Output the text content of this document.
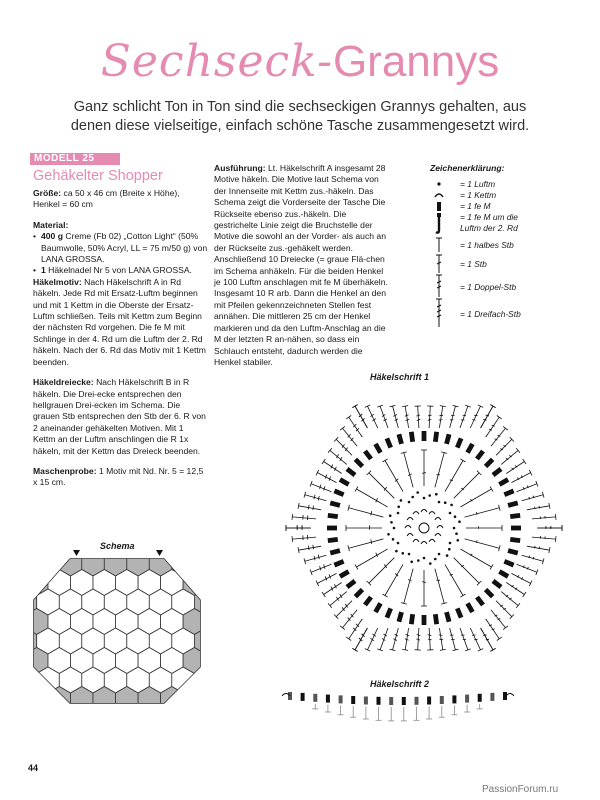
Sechseck-Grannys
Ganz schlicht Ton in Ton sind die sechseckigen Grannys gehalten, aus denen diese vielseitige, einfach schöne Tasche zusammengesetzt wird.
MODELL 25
Gehäkelter Shopper

Größe: ca 50 x 46 cm (Breite x Höhe), Henkel = 60 cm

Material:

• 400 g Creme (Fb 02) „Cotton Light“ (50% Baumwolle, 50% Acryl, LL = 75 m/50 g) von LANA GROSSA.

• 1 Häkelnadel Nr 5 von LANA GROSSA.

Häkelmotiv: Nach Häkelschrift A in Rd häkeln. Jede Rd mit Ersatz-Luftm beginnen und mit 1 Kettm in die Oberste der Ersatz-Luftm schließen. Teils mit Kettm zum Beginn der nächsten Rd vorgehen. Die fe M mit Schlinge in der 4. Rd um die Luftm der 2. Rd häkeln. Nach der 6. Rd das Motiv mit 1 Kettm beenden.

Häkeldreiecke: Nach Häkelschrift B in R häkeln. Die Drei-ecke entsprechen den hellgrauen Drei-ecken im Schema. Die grauen Stb entsprechen den Stb der 6. R von 2 aneinander gehäkelten Motiven. Mit 1 Kettm an der Luftm anschlingen die R 1x häkeln, mit der Kettm das Dreieck beenden.

Maschenprobe: 1 Motiv mit Nd. Nr. 5 = 12,5 x 15 cm.

Ausführung: Lt. Häkelschrift A insgesamt 28 Motive häkeln. Die Motive laut Schema von der Innenseite mit Kettm zus.-häkeln. Das Schema zeigt die Vorderseite der Tasche Die Rückseite ebenso zus.-häkeln. Die gestrichelte Linie zeigt die Bruchstelle der Motive die sowohl an der Vorder- als auch an der Rückseite zus.-gehäkelt werden. Anschließend 10 Dreiecke (= graue Flä-chen im Schema anhäkeln. Für die beiden Henkel je 100 Luftm anschlagen mit fe M überhäkeln. Insgesamt 10 R arb. Dann die Henkel an den mit Pfeilen gekennzeichneten Stellen fest annähen. Die mittleren 25 cm der Henkel markieren und da den Luftm-Anschlag an die M der letzten R an-nähen, so dass ein Schlauch entsteht, dadurch werden die Henkel stabiler.

Zeichenerklärung:
= 1 Luftm
= 1 Kettm
= 1 fe M
= 1 fe M um die Luftm der 2. Rd
= 1 halbes Stb
= 1 Stb
= 1 Doppel-Stb
= 1 Dreifach-Stb
Schema
Häkelschrift 1
Häkelschrift 2
44
PassionForum.ru
